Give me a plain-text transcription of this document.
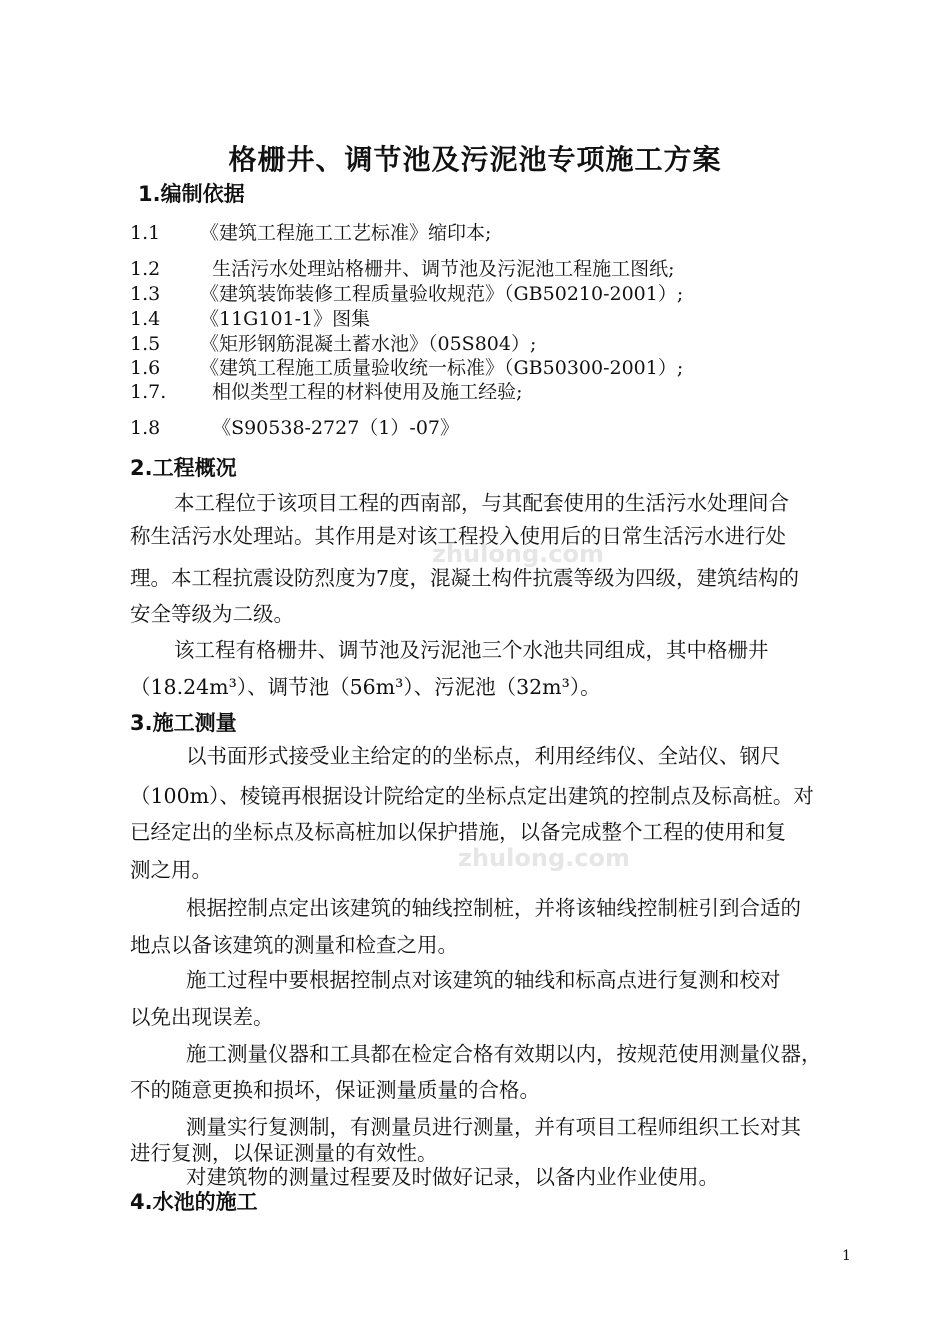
格栅井、调节池及污泥池专项施工方案
1.编制依据
1.1 《建筑工程施工工艺标准》缩印本;
1.2  生活污水处理站格栅井、调节池及污泥池工程施工图纸;
1.3 《建筑装饰装修工程质量验收规范》（GB50210-2001）;
1.4 《11G101-1》图集
1.5 《矩形钢筋混凝土蓄水池》（05S804）;
1.6 《建筑工程施工质量验收统一标准》（GB50300-2001）;
1.7.  相似类型工程的材料使用及施工经验;
1.8  《S90538-2727（1）-07》
2.工程概况
本工程位于该项目工程的西南部，与其配套使用的生活污水处理间合
称生活污水处理站。其作用是对该工程投入使用后的日常生活污水进行处
理。本工程抗震设防烈度为7度，混凝土构件抗震等级为四级，建筑结构的
安全等级为二级。
该工程有格栅井、调节池及污泥池三个水池共同组成，其中格栅井
（18.24m³）、调节池（56m³）、污泥池（32m³）。
3.施工测量
以书面形式接受业主给定的的坐标点，利用经纬仪、全站仪、钢尺
（100m）、棱镜再根据设计院给定的坐标点定出建筑的控制点及标高桩。对
已经定出的坐标点及标高桩加以保护措施，以备完成整个工程的使用和复
测之用。
根据控制点定出该建筑的轴线控制桩，并将该轴线控制桩引到合适的
地点以备该建筑的测量和检查之用。
施工过程中要根据控制点对该建筑的轴线和标高点进行复测和校对
以免出现误差。
施工测量仪器和工具都在检定合格有效期以内，按规范使用测量仪器，
不的随意更换和损坏，保证测量质量的合格。
测量实行复测制，有测量员进行测量，并有项目工程师组织工长对其
进行复测，以保证测量的有效性。
对建筑物的测量过程要及时做好记录，以备内业作业使用。
4.水池的施工
zhulong.com
zhulong.com
1
